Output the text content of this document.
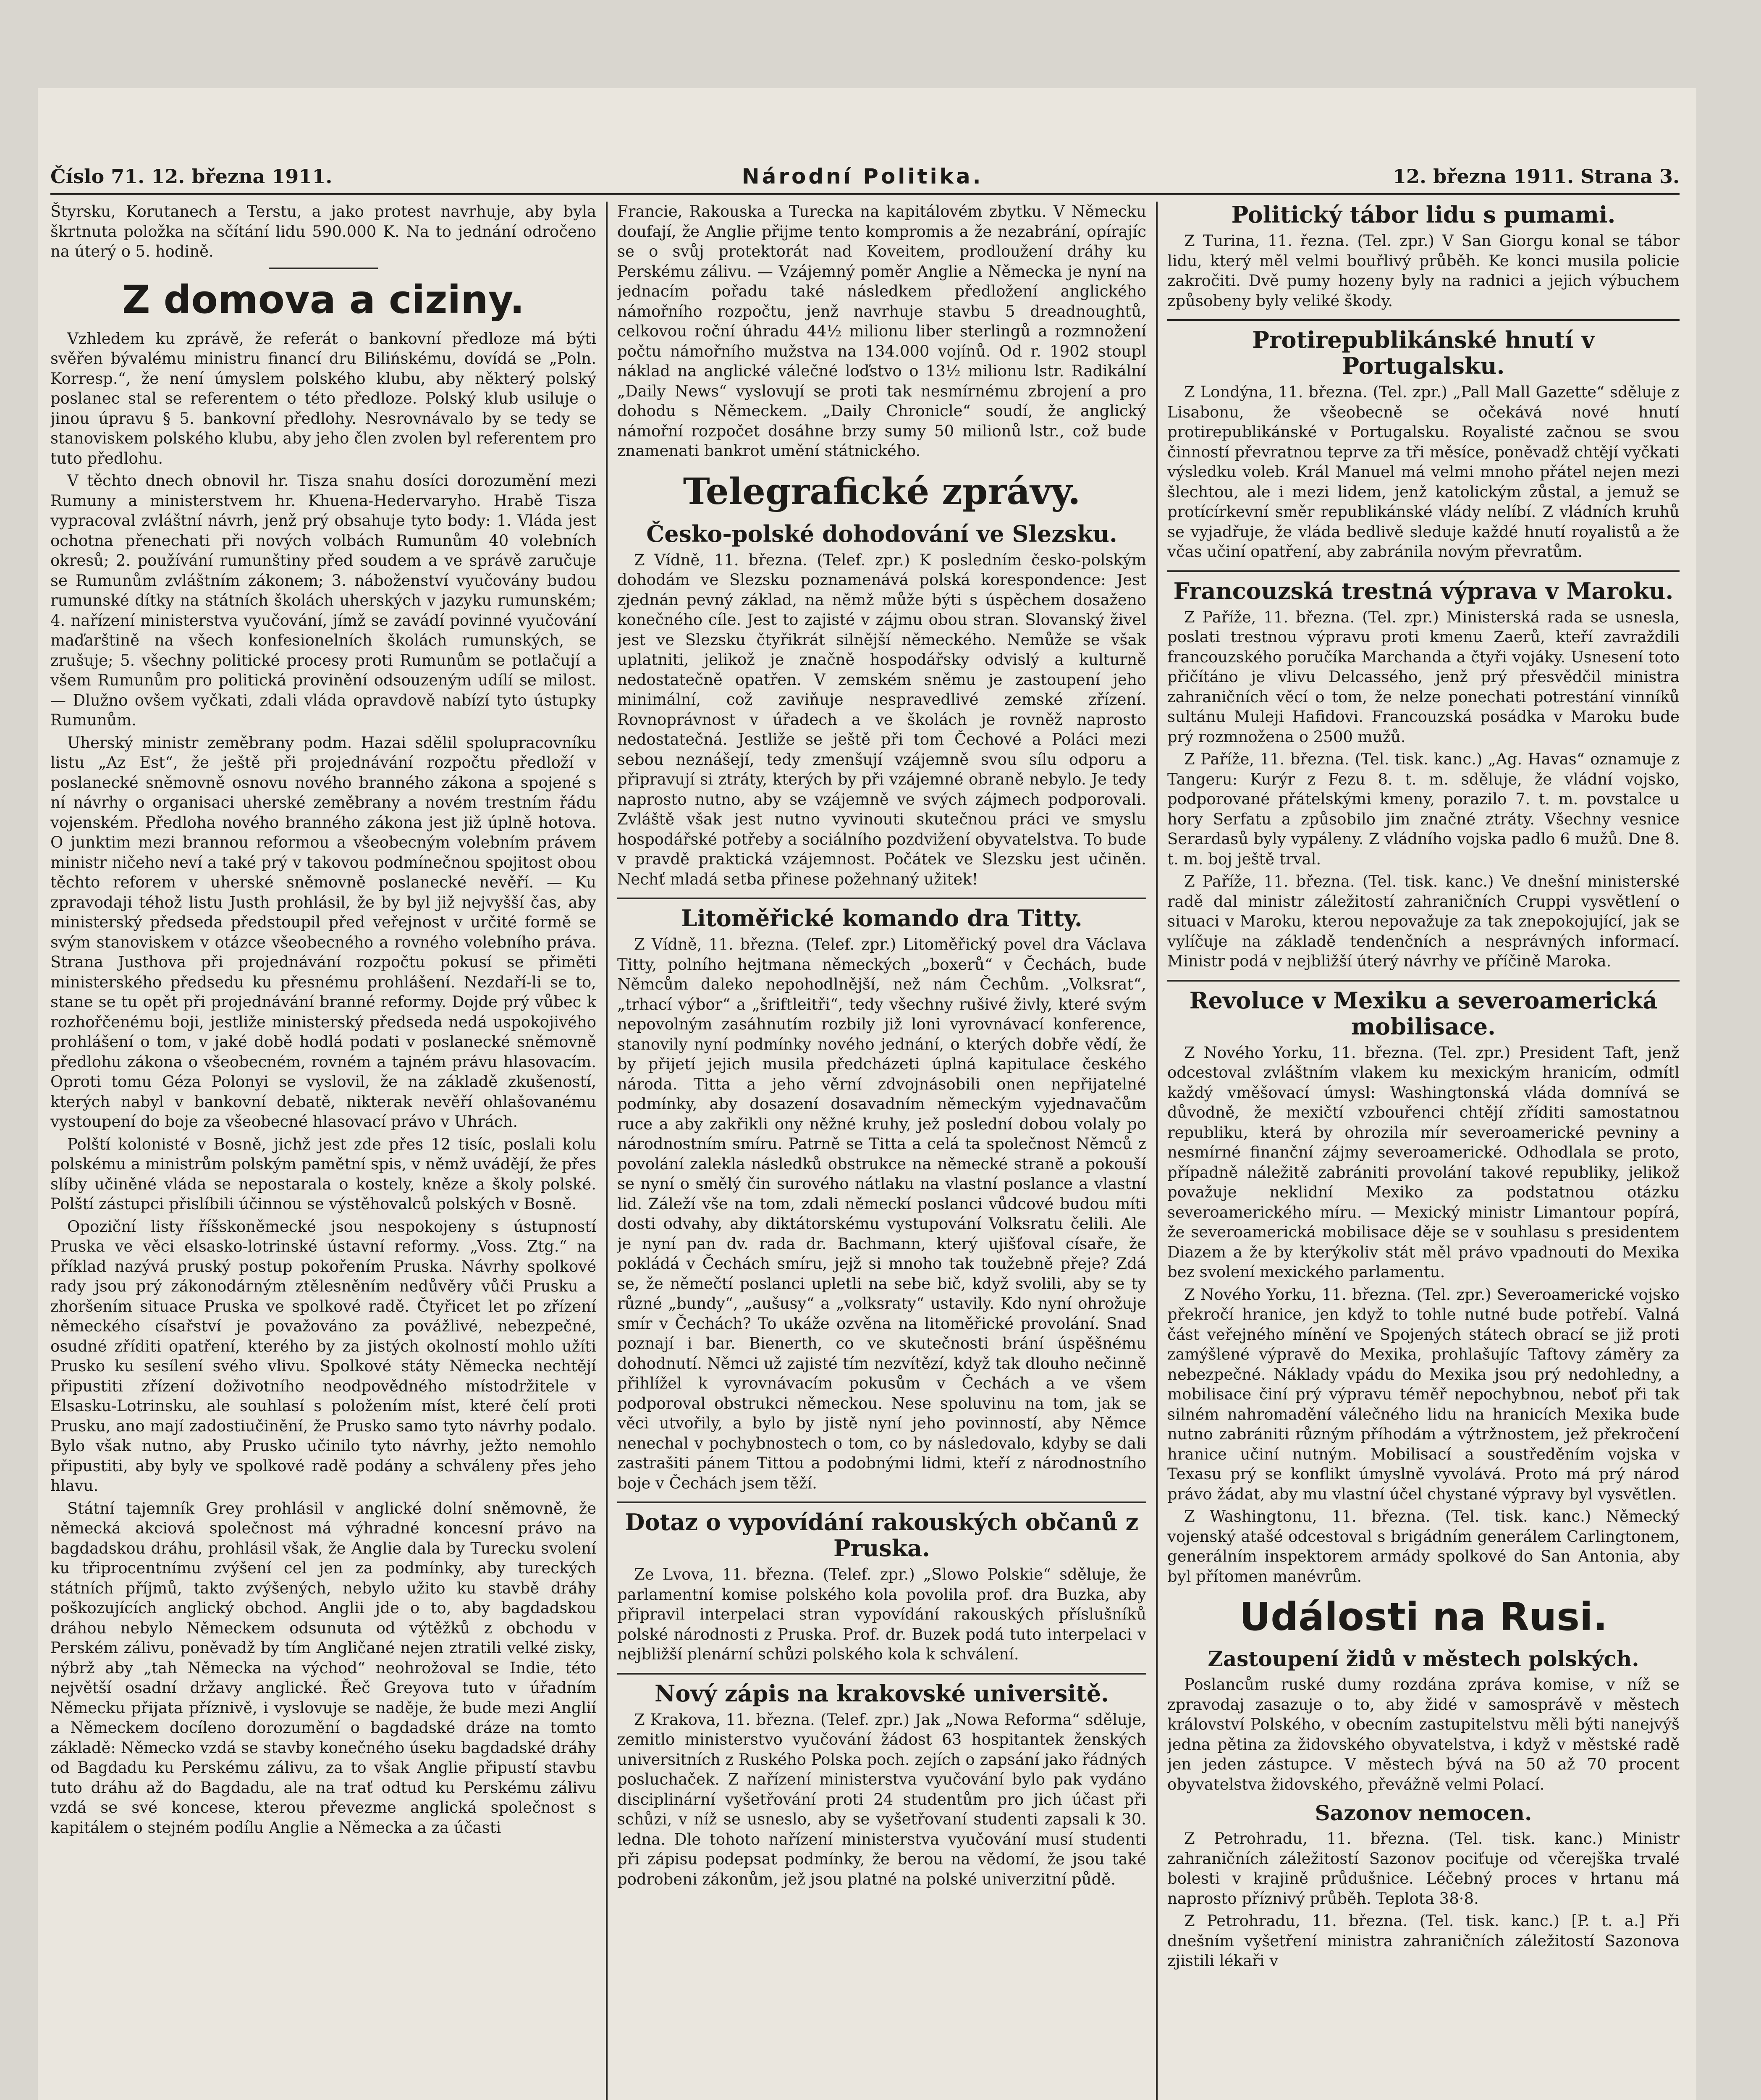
Číslo 71. 12. března 1911.	Národní Politika.	12. března 1911. Strana 3.

Štyrsku, Korutanech a Terstu, a jako protest navrhuje, aby byla škrtnuta položka na sčítání lidu 590.000 K. Na to jednání odročeno na úterý o 5. hodině.

Z domova a ciziny.

Vzhledem ku zprávě, že referát o bankovní předloze má býti svěřen bývalému ministru financí dru Bilińskému, dovídá se „Poln. Korresp.“, že není úmyslem polského klubu, aby některý polský poslanec stal se referentem o této předloze. Polský klub usiluje o jinou úpravu § 5. bankovní předlohy. Nesrovnávalo by se tedy se stanoviskem polského klubu, aby jeho člen zvolen byl referentem pro tuto předlohu.

V těchto dnech obnovil hr. Tisza snahu dosíci dorozumění mezi Rumuny a ministerstvem hr. Khuena-Hedervaryho. Hrabě Tisza vypracoval zvláštní návrh, jenž prý obsahuje tyto body: 1. Vláda jest ochotna přenechati při nových volbách Rumunům 40 volebních okresů; 2. používání rumunštiny před soudem a ve správě zaručuje se Rumunům zvláštním zákonem; 3. náboženství vyučovány budou rumunské dítky na státních školách uherských v jazyku rumunském; 4. nařízení ministerstva vyučování, jímž se zavádí povinné vyučování maďarštině na všech konfesionelních školách rumunských, se zrušuje; 5. všechny politické procesy proti Rumunům se potlačují a všem Rumunům pro politická provinění odsouzeným udílí se milost. — Dlužno ovšem vyčkati, zdali vláda opravdově nabízí tyto ústupky Rumunům.

Uherský ministr zeměbrany podm. Hazai sdělil spolupracovníku listu „Az Est“, že ještě při projednávání rozpočtu předloží v poslanecké sněmovně osnovu nového branného zákona a spojené s ní návrhy o organisaci uherské zeměbrany a novém trestním řádu vojenském. Předloha nového branného zákona jest již úplně hotova. O junktim mezi brannou reformou a všeobecným volebním právem ministr ničeho neví a také prý v takovou podmínečnou spojitost obou těchto reforem v uherské sněmovně poslanecké nevěří. — Ku zpravodaji téhož listu Justh prohlásil, že by byl již nejvyšší čas, aby ministerský předseda předstoupil před veřejnost v určité formě se svým stanoviskem v otázce všeobecného a rovného volebního práva. Strana Justhova při projednávání rozpočtu pokusí se přiměti ministerského předsedu ku přesnému prohlášení. Nezdaří-li se to, stane se tu opět při projednávání branné reformy. Dojde prý vůbec k rozhořčenému boji, jestliže ministerský předseda nedá uspokojivého prohlášení o tom, v jaké době hodlá podati v poslanecké sněmovně předlohu zákona o všeobecném, rovném a tajném právu hlasovacím. Oproti tomu Géza Polonyi se vyslovil, že na základě zkušeností, kterých nabyl v bankovní debatě, nikterak nevěří ohlašovanému vystoupení do boje za všeobecné hlasovací právo v Uhrách.

Polští kolonisté v Bosně, jichž jest zde přes 12 tisíc, poslali kolu polskému a ministrům polským pamětní spis, v němž uvádějí, že přes slíby učiněné vláda se nepostarala o kostely, kněze a školy polské. Polští zástupci přislíbili účinnou se výstěhovalců polských v Bosně.

Opoziční listy říšskoněmecké jsou nespokojeny s ústupností Pruska ve věci elsasko-lotrinské ústavní reformy. „Voss. Ztg.“ na příklad nazývá pruský postup pokořením Pruska. Návrhy spolkové rady jsou prý zákonodárným ztělesněním nedůvěry vůči Prusku a zhoršením situace Pruska ve spolkové radě. Čtyřicet let po zřízení německého císařství je považováno za povážlivé, nebezpečné, osudné zříditi opatření, kterého by za jistých okolností mohlo užíti Prusko ku sesílení svého vlivu. Spolkové státy Německa nechtějí připustiti zřízení doživotního neodpovědného místodržitele v Elsasku-Lotrinsku, ale souhlasí s položením míst, které čelí proti Prusku, ano mají zadostiučinění, že Prusko samo tyto návrhy podalo. Bylo však nutno, aby Prusko učinilo tyto návrhy, ježto nemohlo připustiti, aby byly ve spolkové radě podány a schváleny přes jeho hlavu.

Státní tajemník Grey prohlásil v anglické dolní sněmovně, že německá akciová společnost má výhradné koncesní právo na bagdadskou dráhu, prohlásil však, že Anglie dala by Turecku svolení ku třiprocentnímu zvýšení cel jen za podmínky, aby tureckých státních příjmů, takto zvýšených, nebylo užito ku stavbě dráhy poškozujících anglický obchod. Anglii jde o to, aby bagdadskou dráhou nebylo Německem odsunuta od výtěžků z obchodu v Perském zálivu, poněvadž by tím Angličané nejen ztratili velké zisky, nýbrž aby „tah Německa na východ“ neohrožoval se Indie, této největší osadní državy anglické. Řeč Greyova tuto v úřadním Německu přijata příznivě, i vyslovuje se naděje, že bude mezi Anglií a Německem docíleno dorozumění o bagdadské dráze na tomto základě: Německo vzdá se stavby konečného úseku bagdadské dráhy od Bagdadu ku Perskému zálivu, za to však Anglie připustí stavbu tuto dráhu až do Bagdadu, ale na trať odtud ku Perskému zálivu vzdá se své koncese, kterou převezme anglická společnost s kapitálem o stejném podílu Anglie a Německa a za účasti

Francie, Rakouska a Turecka na kapitálovém zbytku. V Německu doufají, že Anglie přijme tento kompromis a že nezabrání, opírajíc se o svůj protektorát nad Koveitem, prodloužení dráhy ku Perskému zálivu. — Vzájemný poměr Anglie a Německa je nyní na jednacím pořadu také následkem předložení anglického námořního rozpočtu, jenž navrhuje stavbu 5 dreadnoughtů, celkovou roční úhradu 44½ milionu liber sterlingů a rozmnožení počtu námořního mužstva na 134.000 vojínů. Od r. 1902 stoupl náklad na anglické válečné loďstvo o 13½ milionu lstr. Radikální „Daily News“ vyslovují se proti tak nesmírnému zbrojení a pro dohodu s Německem. „Daily Chronicle“ soudí, že anglický námořní rozpočet dosáhne brzy sumy 50 milionů lstr., což bude znamenati bankrot umění státnického.

Telegrafické zprávy.
Česko-polské dohodování ve Slezsku.

Z Vídně, 11. března. (Telef. zpr.) K posledním česko-polským dohodám ve Slezsku poznamenává polská korespondence: Jest zjednán pevný základ, na němž může býti s úspěchem dosaženo konečného cíle. Jest to zajisté v zájmu obou stran. Slovanský živel jest ve Slezsku čtyřikrát silnější německého. Nemůže se však uplatniti, jelikož je značně hospodářsky odvislý a kulturně nedostatečně opatřen. V zemském sněmu je zastoupení jeho minimální, což zaviňuje nespravedlivé zemské zřízení. Rovnoprávnost v úřadech a ve školách je rovněž naprosto nedostatečná. Jestliže se ještě při tom Čechové a Poláci mezi sebou neznášejí, tedy zmenšují vzájemně svou sílu odporu a připravují si ztráty, kterých by při vzájemné obraně nebylo. Je tedy naprosto nutno, aby se vzájemně ve svých zájmech podporovali. Zvláště však jest nutno vyvinouti skutečnou práci ve smyslu hospodářské potřeby a sociálního pozdvižení obyvatelstva. To bude v pravdě praktická vzájemnost. Počátek ve Slezsku jest učiněn. Nechť mladá setba přinese požehnaný užitek!

Litoměřické komando dra Titty.

Z Vídně, 11. března. (Telef. zpr.) Litoměřický povel dra Václava Titty, polního hejtmana německých „boxerů“ v Čechách, bude Němcům daleko nepohodlnější, než nám Čechům. „Volksrat“, „trhací výbor“ a „šriftleitři“, tedy všechny rušivé živly, které svým nepovolným zasáhnutím rozbily již loni vyrovnávací konference, stanovily nyní podmínky nového jednání, o kterých dobře vědí, že by přijetí jejich musila předcházeti úplná kapitulace českého národa. Titta a jeho věrní zdvojnásobili onen nepřijatelné podmínky, aby dosazení dosavadním německým vyjednavačům ruce a aby zakřikli ony něžné kruhy, jež poslední dobou volaly po národnostním smíru. Patrně se Titta a celá ta společnost Němců z povolání zalekla následků obstrukce na německé straně a pokouší se nyní o smělý čin surového nátlaku na vlastní poslance a vlastní lid. Záleží vše na tom, zdali německí poslanci vůdcové budou míti dosti odvahy, aby diktátorskému vystupování Volksratu čelili. Ale je nyní pan dv. rada dr. Bachmann, který ujišťoval císaře, že pokládá v Čechách smíru, jejž si mnoho tak toužebně přeje? Zdá se, že němečtí poslanci upletli na sebe bič, když svolili, aby se ty různé „bundy“, „aušusy“ a „volksraty“ ustavily. Kdo nyní ohrožuje smír v Čechách? To ukáže ozvěna na litoměřické provolání. Snad poznají i bar. Bienerth, co ve skutečnosti brání úspěšnému dohodnutí. Němci už zajisté tím nezvítězí, když tak dlouho nečinně přihlížel k vyrovnávacím pokusům v Čechách a ve všem podporoval obstrukci německou. Nese spoluvinu na tom, jak se věci utvořily, a bylo by jistě nyní jeho povinností, aby Němce nenechal v pochybnostech o tom, co by následovalo, kdyby se dali zastrašiti pánem Tittou a podobnými lidmi, kteří z národnostního boje v Čechách jsem těží.

Dotaz o vypovídání rakouských občanů z Pruska.

Ze Lvova, 11. března. (Telef. zpr.) „Slowo Polskie“ sděluje, že parlamentní komise polského kola povolila prof. dra Buzka, aby připravil interpelaci stran vypovídání rakouských příslušníků polské národnosti z Pruska. Prof. dr. Buzek podá tuto interpelaci v nejbližší plenární schůzi polského kola k schválení.

Nový zápis na krakovské universitě.

Z Krakova, 11. března. (Telef. zpr.) Jak „Nowa Reforma“ sděluje, zemitlo ministerstvo vyučování žádost 63 hospitantek ženských universitních z Ruského Polska poch. zejích o zapsání jako řádných posluchaček. Z nařízení ministerstva vyučování bylo pak vydáno disciplinární vyšetřování proti 24 studentům pro jich účast při schůzi, v níž se usneslo, aby se vyšetřovaní studenti zapsali k 30. ledna. Dle tohoto nařízení ministerstva vyučování musí studenti při zápisu podepsat podmínky, že berou na vědomí, že jsou také podrobeni zákonům, jež jsou platné na polské univerzitní půdě.

Politický tábor lidu s pumami.

Z Turina, 11. řezna. (Tel. zpr.) V San Giorgu konal se tábor lidu, který měl velmi bouřlivý průběh. Ke konci musila policie zakročiti. Dvě pumy hozeny byly na radnici a jejich výbuchem způsobeny byly veliké škody.

Protirepublikánské hnutí v Portugalsku.

Z Londýna, 11. března. (Tel. zpr.) „Pall Mall Gazette“ sděluje z Lisabonu, že všeobecně se očekává nové hnutí protirepublikánské v Portugalsku. Royalisté začnou se svou činností převratnou teprve za tři měsíce, poněvadž chtějí vyčkati výsledku voleb. Král Manuel má velmi mnoho přátel nejen mezi šlechtou, ale i mezi lidem, jenž katolickým zůstal, a jemuž se protícírkevní směr republikánské vlády nelíbí. Z vládních kruhů se vyjadřuje, že vláda bedlivě sleduje každé hnutí royalistů a že včas učiní opatření, aby zabránila novým převratům.

Francouzská trestná výprava v Maroku.

Z Paříže, 11. března. (Tel. zpr.) Ministerská rada se usnesla, poslati trestnou výpravu proti kmenu Zaerů, kteří zavraždili francouzského poručíka Marchanda a čtyři vojáky. Usnesení toto přičítáno je vlivu Delcassého, jenž prý přesvědčil ministra zahraničních věcí o tom, že nelze ponechati potrestání vinníků sultánu Muleji Hafidovi. Francouzská posádka v Maroku bude prý rozmnožena o 2500 mužů.

Z Paříže, 11. března. (Tel. tisk. kanc.) „Ag. Havas“ oznamuje z Tangeru: Kurýr z Fezu 8. t. m. sděluje, že vládní vojsko, podporované přátelskými kmeny, porazilo 7. t. m. povstalce u hory Serfatu a způsobilo jim značné ztráty. Všechny vesnice Serardasů byly vypáleny. Z vládního vojska padlo 6 mužů. Dne 8. t. m. boj ještě trval.

Z Paříže, 11. března. (Tel. tisk. kanc.) Ve dnešní ministerské radě dal ministr záležitostí zahraničních Cruppi vysvětlení o situaci v Maroku, kterou nepovažuje za tak znepokojující, jak se vylíčuje na základě tendenčních a nesprávných informací. Ministr podá v nejbližší úterý návrhy ve příčině Maroka.

Revoluce v Mexiku a severoamerická mobilisace.

Z Nového Yorku, 11. března. (Tel. zpr.) President Taft, jenž odcestoval zvláštním vlakem ku mexickým hranicím, odmítl každý vměšovací úmysl: Washingtonská vláda domnívá se důvodně, že mexičtí vzbouřenci chtějí zříditi samostatnou republiku, která by ohrozila mír severoamerické pevniny a nesmírné finanční zájmy severoamerické. Odhodlala se proto, případně náležitě zabrániti provolání takové republiky, jelikož považuje neklidní Mexiko za podstatnou otázku severoamerického míru. — Mexický ministr Limantour popírá, že severoamerická mobilisace děje se v souhlasu s presidentem Diazem a že by kterýkoliv stát měl právo vpadnouti do Mexika bez svolení mexického parlamentu.

Z Nového Yorku, 11. března. (Tel. zpr.) Severoamerické vojsko překročí hranice, jen když to tohle nutné bude potřebí. Valná část veřejného mínění ve Spojených státech obrací se již proti zamýšlené výpravě do Mexika, prohlašujíc Taftovy záměry za nebezpečné. Náklady vpádu do Mexika jsou prý nedohledny, a mobilisace činí prý výpravu téměř nepochybnou, neboť při tak silném nahromadění válečného lidu na hranicích Mexika bude nutno zabrániti různým příhodám a výtržnostem, jež překročení hranice učiní nutným. Mobilisací a soustředěním vojska v Texasu prý se konflikt úmyslně vyvolává. Proto má prý národ právo žádat, aby mu vlastní účel chystané výpravy byl vysvětlen.

Z Washingtonu, 11. března. (Tel. tisk. kanc.) Německý vojenský atašé odcestoval s brigádním generálem Carlingtonem, generálním inspektorem armády spolkové do San Antonia, aby byl přítomen manévrům.

Události na Rusi.
Zastoupení židů v městech polských.

Poslancům ruské dumy rozdána zpráva komise, v níž se zpravodaj zasazuje o to, aby židé v samosprávě v městech království Polského, v obecním zastupitelstvu měli býti nanejvýš jedna pětina za židovského obyvatelstva, i když v městské radě jen jeden zástupce. V městech bývá na 50 až 70 procent obyvatelstva židovského, převážně velmi Polací.

Sazonov nemocen.

Z Petrohradu, 11. března. (Tel. tisk. kanc.) Ministr zahraničních záležitostí Sazonov pociťuje od včerejška trvalé bolesti v krajině průdušnice. Léčebný proces v hrtanu má naprosto příznivý průběh. Teplota 38·8.

Z Petrohradu, 11. března. (Tel. tisk. kanc.) [P. t. a.] Při dnešním vyšetření ministra zahraničních záležitostí Sazonova zjistili lékaři v
